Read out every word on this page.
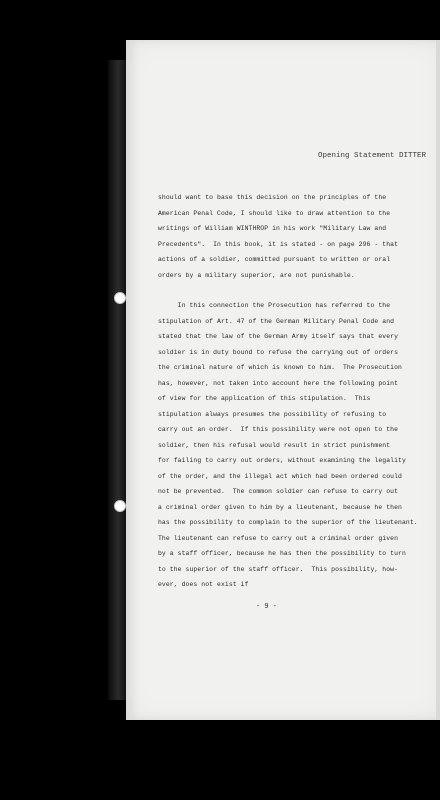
Opening Statement DITTER
should want to base this decision on the principles of the
American Penal Code, I should like to draw attention to the
writings of William WINTHROP in his work "Military Law and
Precedents".  In this book, it is stated - on page 296 - that
actions of a soldier, committed pursuant to written or oral
orders by a military superior, are not punishable.
In this connection the Prosecution has referred to the
stipulation of Art. 47 of the German Military Penal Code and
stated that the law of the German Army itself says that every
soldier is in duty bound to refuse the carrying out of orders
the criminal nature of which is known to him.  The Prosecution
has, however, not taken into account here the following point
of view for the application of this stipulation.  This
stipulation always presumes the possibility of refusing to
carry out an order.  If this possibility were not open to the
soldier, then his refusal would result in strict punishment
for failing to carry out orders, without examining the legality
of the order, and the illegal act which had been ordered could
not be prevented.  The common soldier can refuse to carry out
a criminal order given to him by a lieutenant, because he then
has the possibility to complain to the superior of the lieutenant.
The lieutenant can refuse to carry out a criminal order given
by a staff officer, because he has then the possibility to turn
to the superior of the staff officer.  This possibility, how-
ever, does not exist if
- 9 -
